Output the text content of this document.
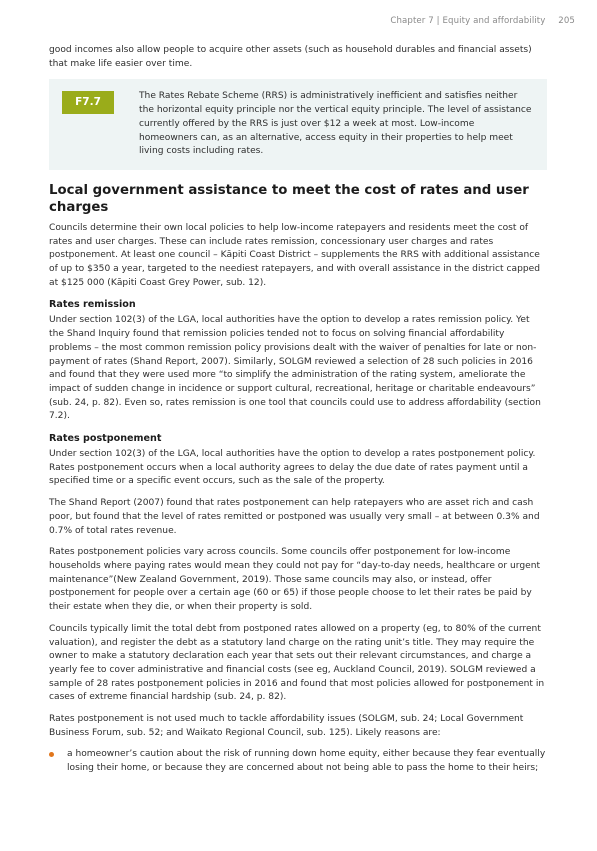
Chapter 7 | Equity and affordability 205

good incomes also allow people to acquire other assets (such as household durables and financial assets) that make life easier over time.

F7.7	The Rates Rebate Scheme (RRS) is administratively inefficient and satisfies neither the horizontal equity principle nor the vertical equity principle. The level of assistance currently offered by the RRS is just over $12 a week at most. Low-income homeowners can, as an alternative, access equity in their properties to help meet living costs including rates.
Local government assistance to meet the cost of rates and user charges

Councils determine their own local policies to help low-income ratepayers and residents meet the cost of rates and user charges. These can include rates remission, concessionary user charges and rates postponement. At least one council – Kāpiti Coast District – supplements the RRS with additional assistance of up to $350 a year, targeted to the neediest ratepayers, and with overall assistance in the district capped at $125 000 (Kāpiti Coast Grey Power, sub. 12).

Rates remission

Under section 102(3) of the LGA, local authorities have the option to develop a rates remission policy. Yet the Shand Inquiry found that remission policies tended not to focus on solving financial affordability problems – the most common remission policy provisions dealt with the waiver of penalties for late or non-payment of rates (Shand Report, 2007). Similarly, SOLGM reviewed a selection of 28 such policies in 2016 and found that they were used more “to simplify the administration of the rating system, ameliorate the impact of sudden change in incidence or support cultural, recreational, heritage or charitable endeavours” (sub. 24, p. 82). Even so, rates remission is one tool that councils could use to address affordability (section 7.2).

Rates postponement

Under section 102(3) of the LGA, local authorities have the option to develop a rates postponement policy. Rates postponement occurs when a local authority agrees to delay the due date of rates payment until a specified time or a specific event occurs, such as the sale of the property.

The Shand Report (2007) found that rates postponement can help ratepayers who are asset rich and cash poor, but found that the level of rates remitted or postponed was usually very small – at between 0.3% and 0.7% of total rates revenue.

Rates postponement policies vary across councils. Some councils offer postponement for low-income households where paying rates would mean they could not pay for “day-to-day needs, healthcare or urgent maintenance”(New Zealand Government, 2019). Those same councils may also, or instead, offer postponement for people over a certain age (60 or 65) if those people choose to let their rates be paid by their estate when they die, or when their property is sold.

Councils typically limit the total debt from postponed rates allowed on a property (eg, to 80% of the current valuation), and register the debt as a statutory land charge on the rating unit’s title. They may require the owner to make a statutory declaration each year that sets out their relevant circumstances, and charge a yearly fee to cover administrative and financial costs (see eg, Auckland Council, 2019). SOLGM reviewed a sample of 28 rates postponement policies in 2016 and found that most policies allowed for postponement in cases of extreme financial hardship (sub. 24, p. 82).

Rates postponement is not used much to tackle affordability issues (SOLGM, sub. 24; Local Government Business Forum, sub. 52; and Waikato Regional Council, sub. 125). Likely reasons are:

a homeowner’s caution about the risk of running down home equity, either because they fear eventually losing their home, or because they are concerned about not being able to pass the home to their heirs;
